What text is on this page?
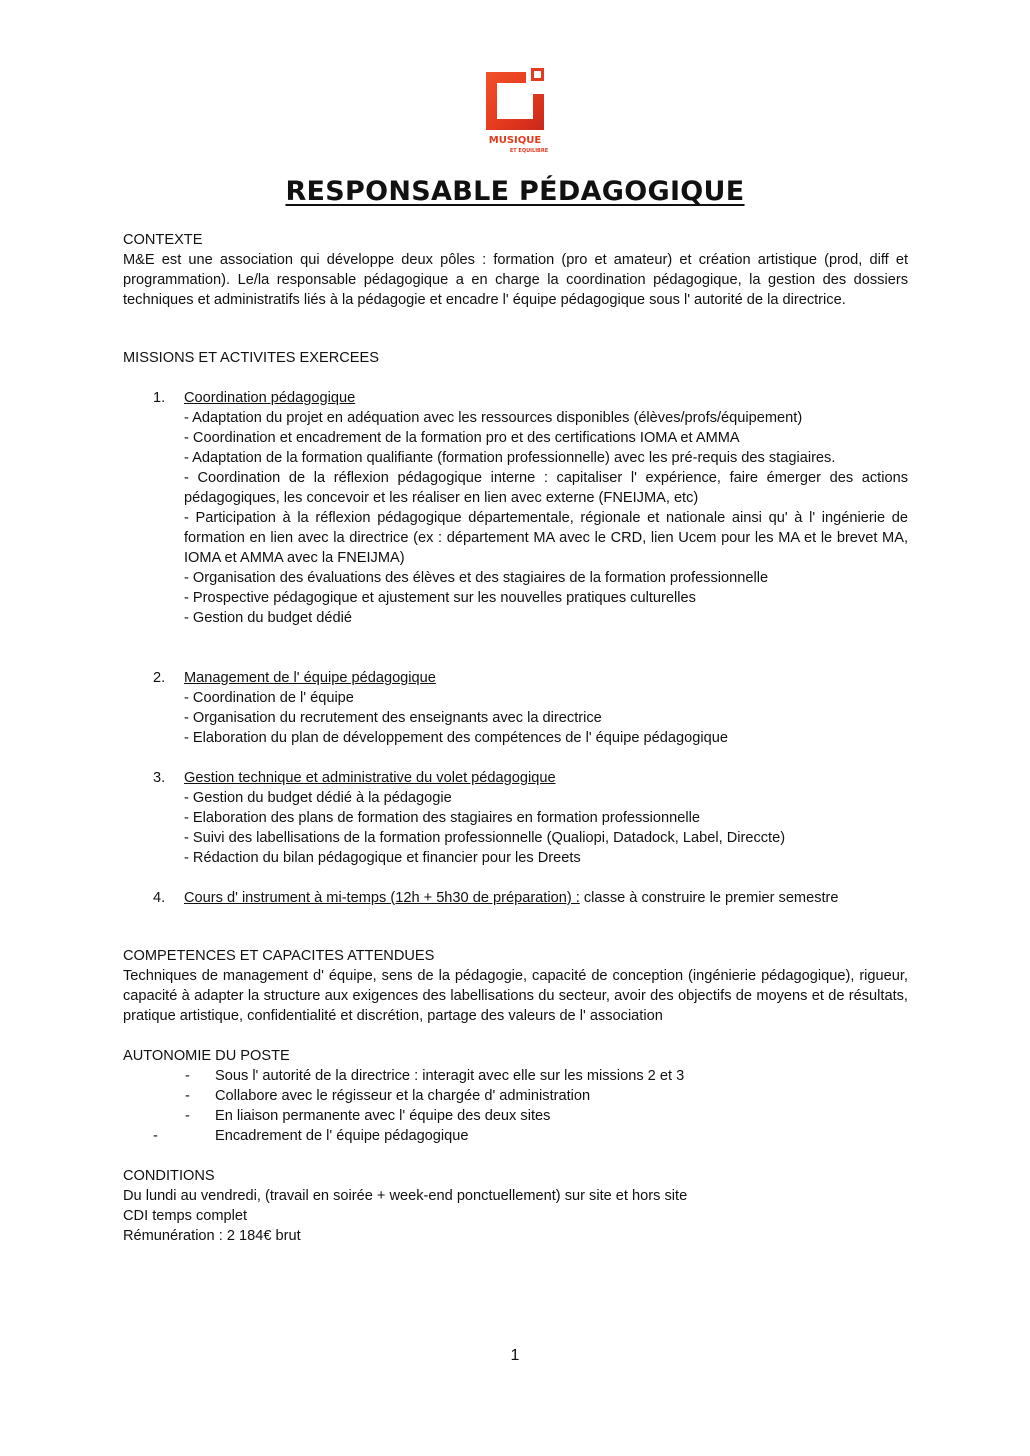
MUSIQUE
ET EQUILIBRE
RESPONSABLE PÉDAGOGIQUE
CONTEXTE

M&E est une association qui développe deux pôles : formation (pro et amateur) et création artistique (prod, diff et programmation). Le/la responsable pédagogique a en charge la coordination pédagogique, la gestion des dossiers techniques et administratifs liés à la pédagogie et encadre l' équipe pédagogique sous l' autorité de la directrice.

MISSIONS ET ACTIVITES EXERCEES
1. Coordination pédagogique

- Adaptation du projet en adéquation avec les ressources disponibles (élèves/profs/équipement)

- Coordination et encadrement de la formation pro et des certifications IOMA et AMMA

- Adaptation de la formation qualifiante (formation professionnelle) avec les pré-requis des stagiaires.

- Coordination de la réflexion pédagogique interne : capitaliser l' expérience, faire émerger des actions pédagogiques, les concevoir et les réaliser en lien avec externe (FNEIJMA, etc)

- Participation à la réflexion pédagogique départementale, régionale et nationale ainsi qu' à l' ingénierie de formation en lien avec la directrice (ex : département MA avec le CRD, lien Ucem pour les MA et le brevet MA, IOMA et AMMA avec la FNEIJMA)

- Organisation des évaluations des élèves et des stagiaires de la formation professionnelle

- Prospective pédagogique et ajustement sur les nouvelles pratiques culturelles

- Gestion du budget dédié

2. Management de l' équipe pédagogique

- Coordination de l' équipe

- Organisation du recrutement des enseignants avec la directrice

- Elaboration du plan de développement des compétences de l' équipe pédagogique

3. Gestion technique et administrative du volet pédagogique

- Gestion du budget dédié à la pédagogie

- Elaboration des plans de formation des stagiaires en formation professionnelle

- Suivi des labellisations de la formation professionnelle (Qualiopi, Datadock, Label, Direccte)

- Rédaction du bilan pédagogique et financier pour les Dreets

4. Cours d' instrument à mi-temps (12h + 5h30 de préparation) : classe à construire le premier semestre
COMPETENCES ET CAPACITES ATTENDUES

Techniques de management d' équipe, sens de la pédagogie, capacité de conception (ingénierie pédagogique), rigueur, capacité à adapter la structure aux exigences des labellisations du secteur, avoir des objectifs de moyens et de résultats, pratique artistique, confidentialité et discrétion, partage des valeurs de l' association

AUTONOMIE DU POSTE
- Sous l' autorité de la directrice : interagit avec elle sur les missions 2 et 3
- Collabore avec le régisseur et la chargée d' administration
- En liaison permanente avec l' équipe des deux sites
-	Encadrement de l' équipe pédagogique
CONDITIONS

Du lundi au vendredi, (travail en soirée + week-end ponctuellement) sur site et hors site

CDI temps complet

Rémunération : 2 184€ brut

1
